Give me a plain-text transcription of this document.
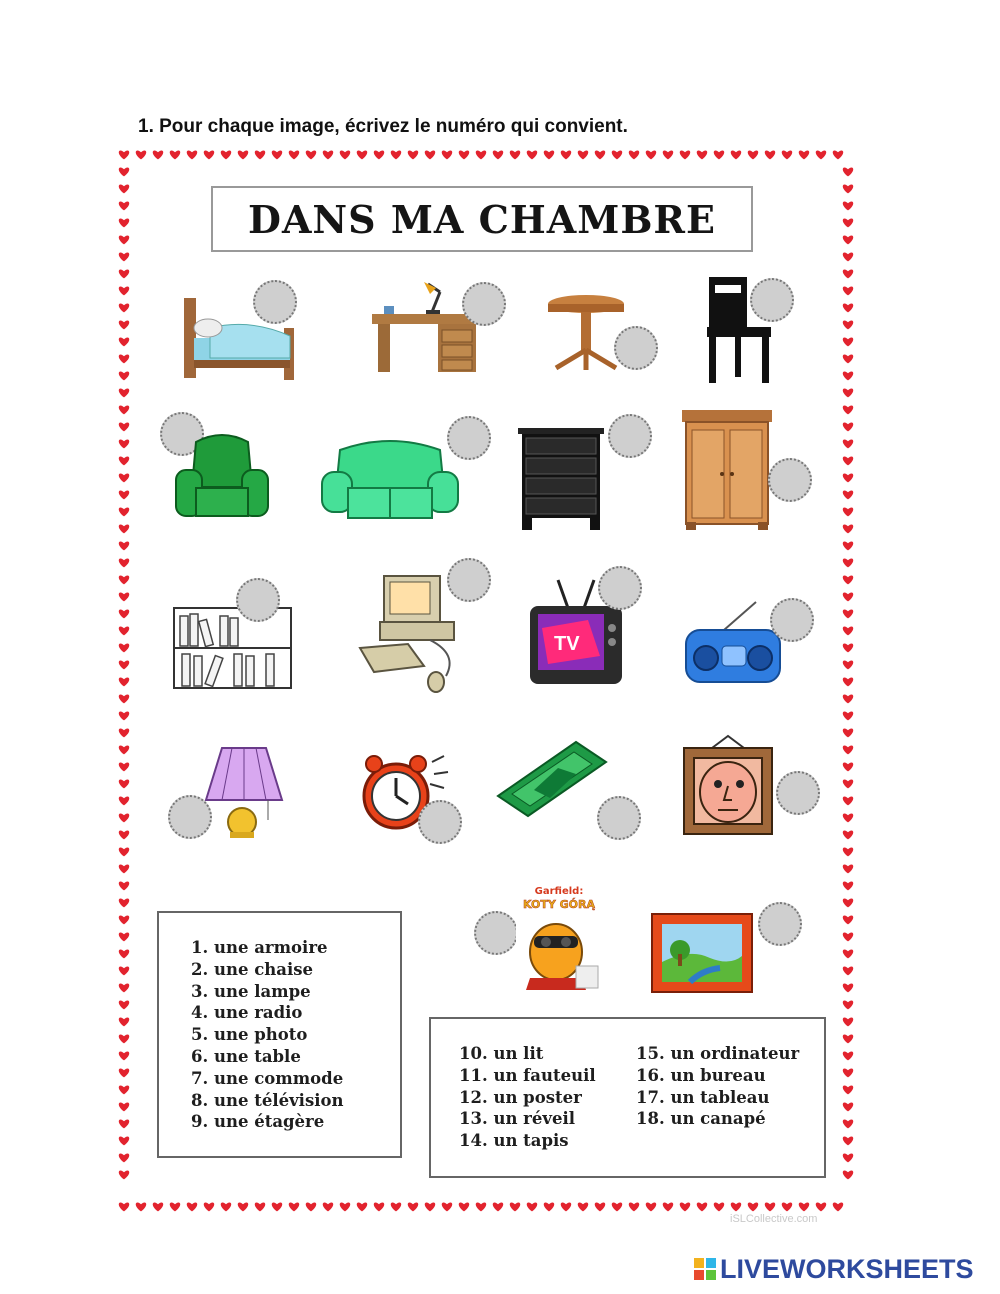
1. Pour chaque image, écrivez le numéro qui convient.
DANS MA CHAMBRE
TV
Garfield:
KOTY GÓRĄ
1. une armoire
2. une chaise
3. une lampe
4. une radio
5. une photo
6. une table
7. une commode
8. une télévision
9. une étagère
10. un lit
11. un fauteuil
12. un poster
13. un réveil
14. un tapis
15. un ordinateur
16. un bureau
17. un tableau
18. un canapé
iSLCollective.com
LIVEWORKSHEETS
